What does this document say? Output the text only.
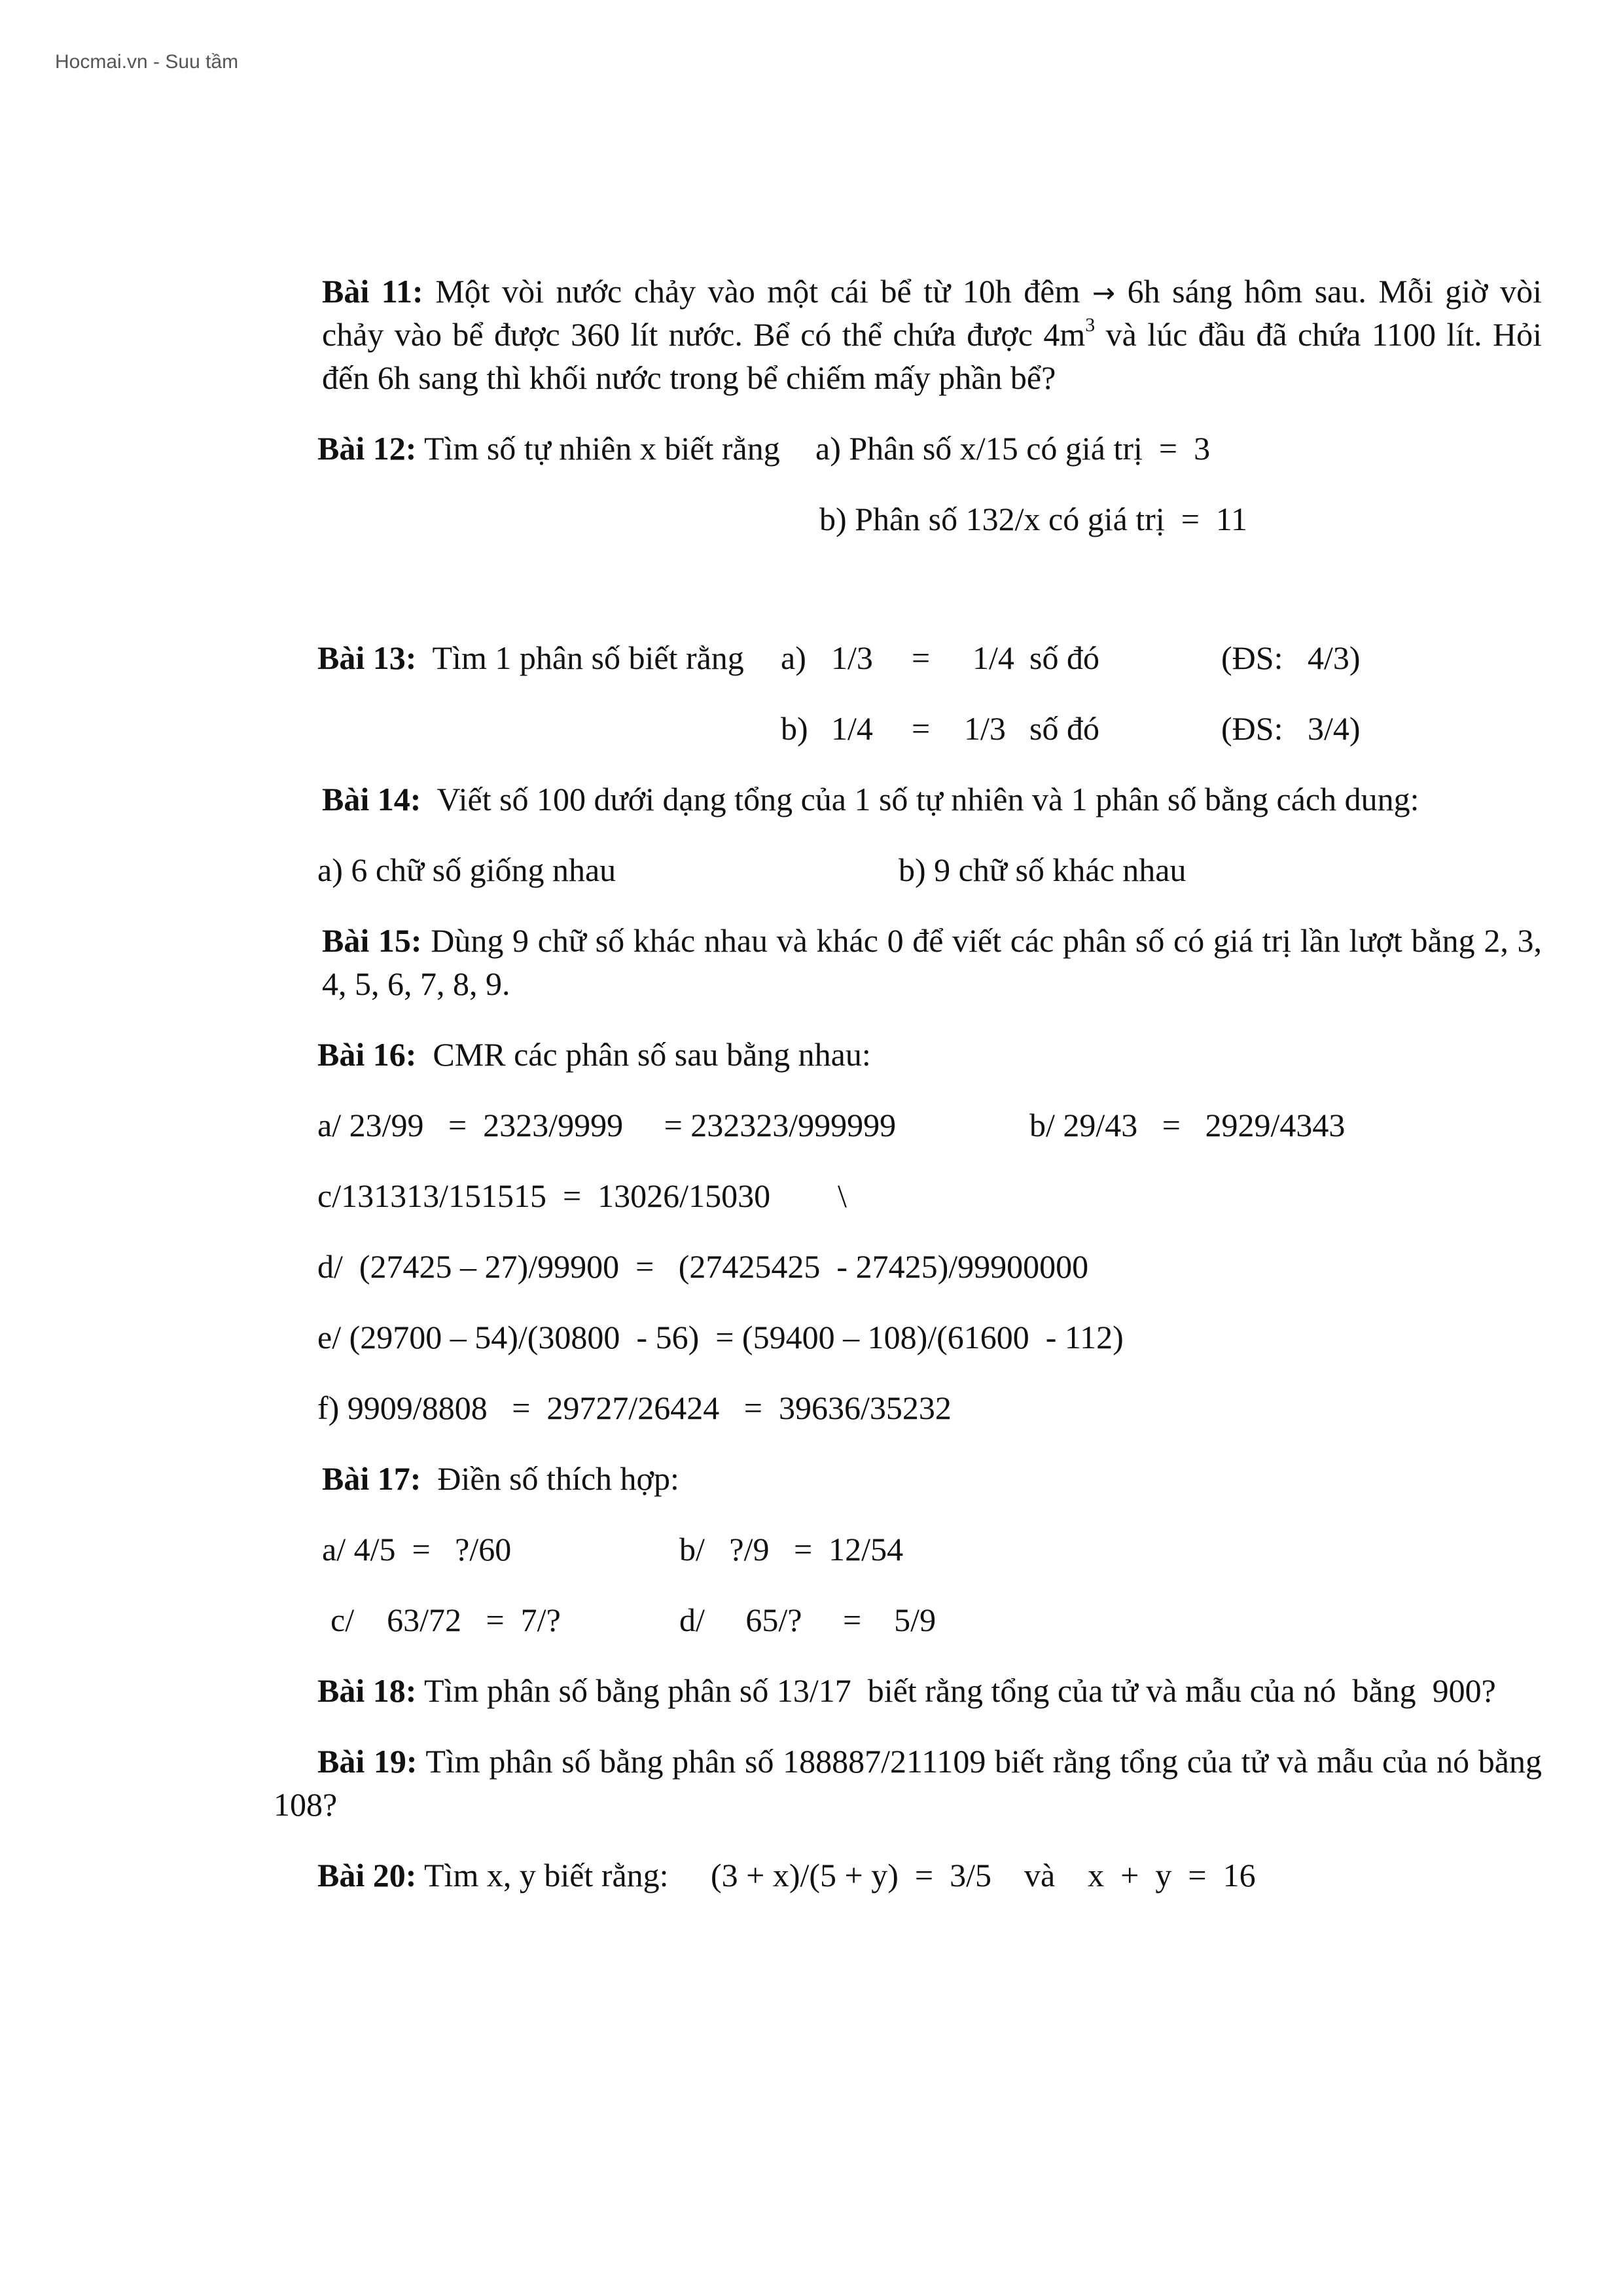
Hocmai.vn - Suu tầm
Bài 11: Một vòi nước chảy vào một cái bể từ 10h đêm → 6h sáng hôm sau. Mỗi giờ vòi
chảy vào bể được 360 lít nước. Bể có thể chứa được $4m^3$ và lúc đầu đã chứa 1100 lít. Hỏi
đến 6h sang thì khối nước trong bể chiếm mấy phần bể?
Bài 12: Tìm số tự nhiên x biết rằng a) Phân số x/15 có giá trị  =  3
b) Phân số 132/x có giá trị  =  11
Bài 13: Tìm 1 phân số biết rằng a) 1/3 = 1/4 số đó	(ĐS:   4/3)
b) 1/4 = 1/3 số đó	(ĐS:   3/4)
Bài 14: Viết số 100 dưới dạng tổng của 1 số tự nhiên và 1 phân số bằng cách dung:
a) 6 chữ số giống nhau	b) 9 chữ số khác nhau
Bài 15: Dùng 9 chữ số khác nhau và khác 0 để viết các phân số có giá trị lần lượt bằng 2, 3,
4, 5, 6, 7, 8, 9.
Bài 16: CMR các phân số sau bằng nhau:
a/ 23/99   =  2323/9999     = 232323/999999	b/ 29/43   =   2929/4343
c/131313/151515  =  13026/15030 \
d/  (27425 – 27)/99900  =   (27425425  - 27425)/99900000
e/ (29700 – 54)/(30800  - 56)  = (59400 – 108)/(61600  - 112)
f) 9909/8808   =  29727/26424   =  39636/35232
Bài 17: Điền số thích hợp:
a/ 4/5  =   ?/60	b/   ?/9   =  12/54
c/    63/72   =  7/?	d/     65/?     =    5/9
Bài 18: Tìm phân số bằng phân số 13/17  biết rằng tổng của tử và mẫu của nó  bằng  900?
Bài 19: Tìm phân số bằng phân số 188887/211109 biết rằng tổng của tử và mẫu của nó bằng
108?
Bài 20: Tìm x, y biết rằng: (3 + x)/(5 + y)  =  3/5    và    x  +  y  =  16
